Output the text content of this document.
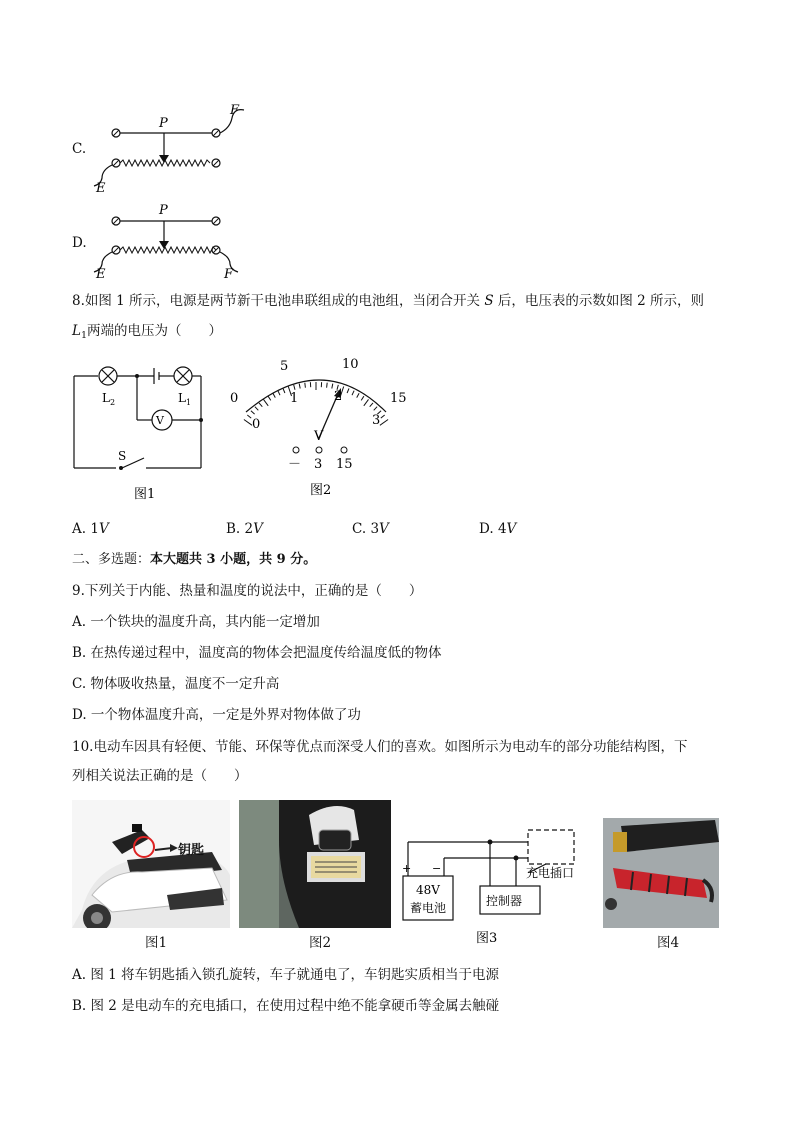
C.
F
P
E
D.
P
E	F
8.如图 1 所示，电源是两节新干电池串联组成的电池组，当闭合开关 S 后，电压表的示数如图 2 所示，则
$L_1$两端的电压为（　　）
V
$L_2$	$L_1$
S
图1
0
5	10
15
0
1	2
3
V
－ 3 15
图2
A. 1V	B. 2V	C. 3V	D. 4V
二、多选题：本大题共 3 小题，共 9 分。
9.下列关于内能、热量和温度的说法中，正确的是（　　）
A. 一个铁块的温度升高，其内能一定增加
B. 在热传递过程中，温度高的物体会把温度传给温度低的物体
C. 物体吸收热量，温度不一定升高
D. 一个物体温度升高，一定是外界对物体做了功
10.电动车因具有轻便、节能、环保等优点而深受人们的喜欢。如图所示为电动车的部分功能结构图，下
列相关说法正确的是（　　）
钥匙
图1	图2
+ −
48V
蓄电池	控制器
充电插口
图3	图4
A. 图 1 将车钥匙插入锁孔旋转，车子就通电了，车钥匙实质相当于电源
B. 图 2 是电动车的充电插口，在使用过程中绝不能拿硬币等金属去触碰
